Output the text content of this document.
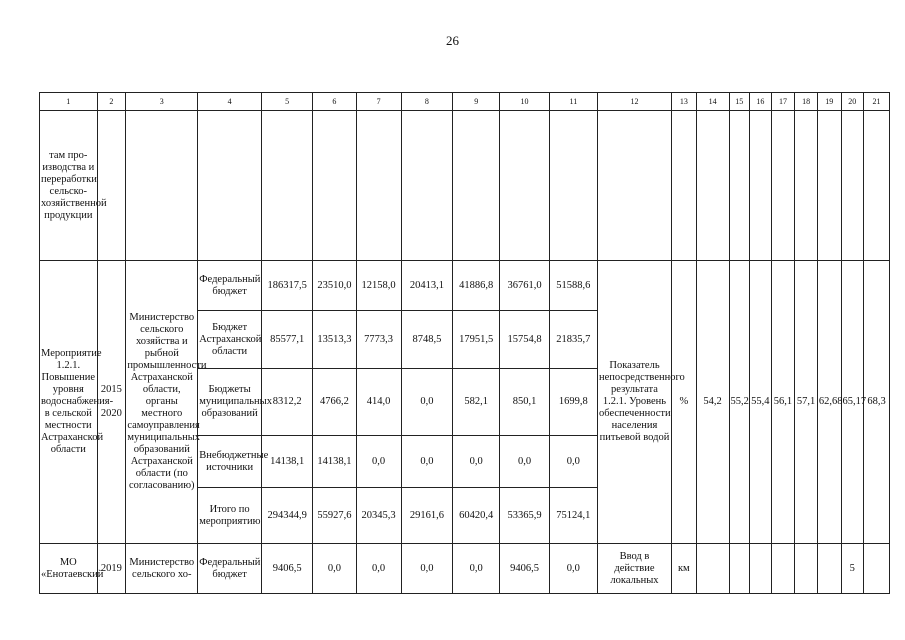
26
1	2	3	4	5	6	7	8	9	10	11	12	13	14	15	16	17	18	19	20	21
там про-изводства и переработки сельско-хозяйственной продукции																				
Мероприятие 1.2.1. Повышение уровня водоснабжения в сельской местности Астраханской области	2015 - 2020	Министерство сельского хозяйства и рыбной промышленности Астраханской области, органы местного самоуправления муниципальных образований Астраханской области (по согласованию)	Федеральный бюджет	186317,5	23510,0	12158,0	20413,1	41886,8	36761,0	51588,6	Показатель непосредственного результата 1.2.1. Уровень обеспеченности населения питьевой водой	%	54,2	55,2	55,4	56,1	57,1	62,68	65,17	68,3
			Бюджет Астраханской области	85577,1	13513,3	7773,3	8748,5	17951,5	15754,8	21835,7										
			Бюджеты муниципальных образований	8312,2	4766,2	414,0	0,0	582,1	850,1	1699,8										
			Внебюджетные источники	14138,1	14138,1	0,0	0,0	0,0	0,0	0,0										
			Итого по мероприятию	294344,9	55927,6	20345,3	29161,6	60420,4	53365,9	75124,1										
МО «Енотаевский	2019	Министерство сельского хо-	Федеральный бюджет	9406,5	0,0	0,0	0,0	0,0	9406,5	0,0	Ввод в действие локальных	км							5	
